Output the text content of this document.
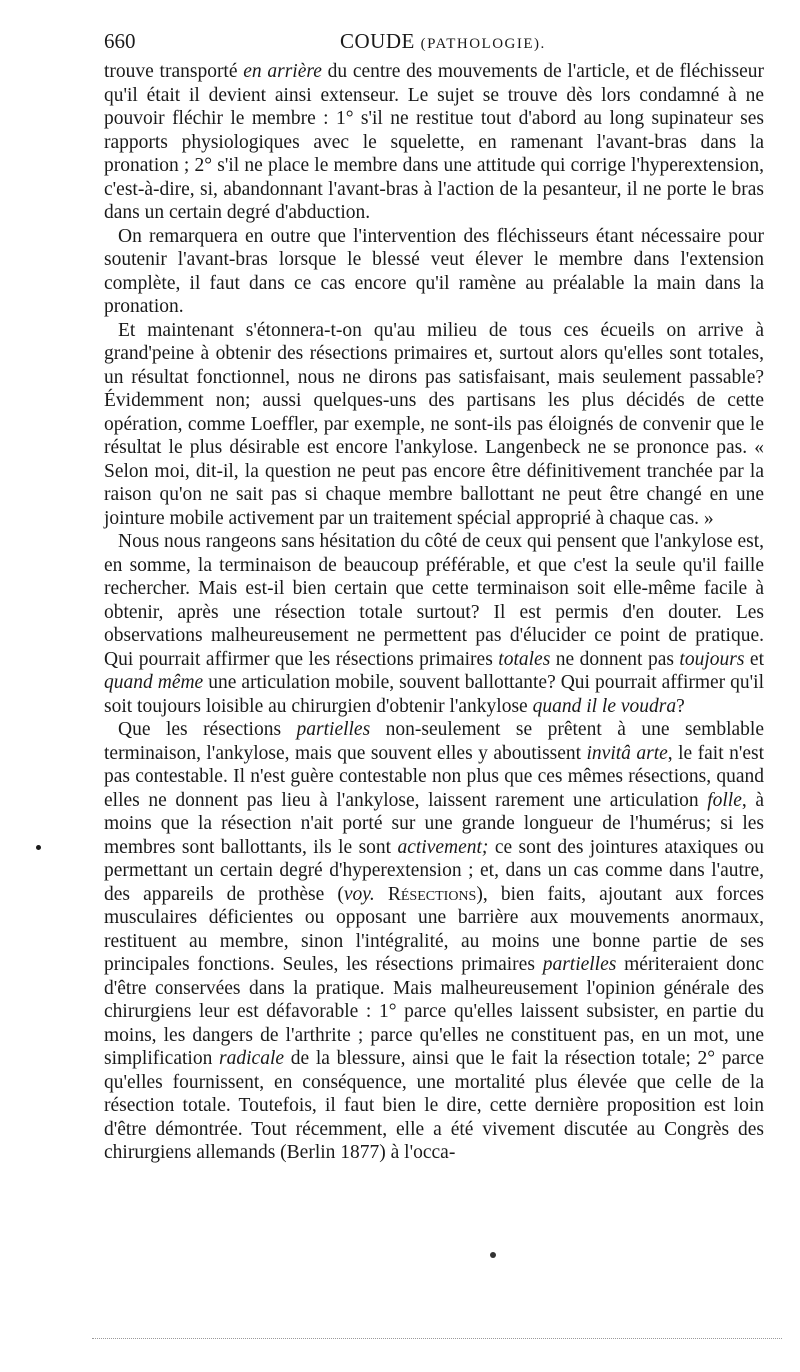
660	COUDE (PATHOLOGIE).

trouve transporté en arrière du centre des mouvements de l'article, et de fléchisseur qu'il était il devient ainsi extenseur. Le sujet se trouve dès lors condamné à ne pouvoir fléchir le membre : 1° s'il ne restitue tout d'abord au long supinateur ses rapports physiologiques avec le squelette, en ramenant l'avant-bras dans la pronation ; 2° s'il ne place le membre dans une attitude qui corrige l'hyperextension, c'est-à-dire, si, abandonnant l'avant-bras à l'action de la pesanteur, il ne porte le bras dans un certain degré d'abduction.

On remarquera en outre que l'intervention des fléchisseurs étant nécessaire pour soutenir l'avant-bras lorsque le blessé veut élever le membre dans l'extension complète, il faut dans ce cas encore qu'il ramène au préalable la main dans la pronation.

Et maintenant s'étonnera-t-on qu'au milieu de tous ces écueils on arrive à grand'peine à obtenir des résections primaires et, surtout alors qu'elles sont totales, un résultat fonctionnel, nous ne dirons pas satisfaisant, mais seulement passable? Évidemment non; aussi quelques-uns des partisans les plus décidés de cette opération, comme Loeffler, par exemple, ne sont-ils pas éloignés de convenir que le résultat le plus désirable est encore l'ankylose. Langenbeck ne se prononce pas. « Selon moi, dit-il, la question ne peut pas encore être définitivement tranchée par la raison qu'on ne sait pas si chaque membre ballottant ne peut être changé en une jointure mobile activement par un traitement spécial approprié à chaque cas. »

Nous nous rangeons sans hésitation du côté de ceux qui pensent que l'ankylose est, en somme, la terminaison de beaucoup préférable, et que c'est la seule qu'il faille rechercher. Mais est-il bien certain que cette terminaison soit elle-même facile à obtenir, après une résection totale surtout? Il est permis d'en douter. Les observations malheureusement ne permettent pas d'élucider ce point de pratique. Qui pourrait affirmer que les résections primaires totales ne donnent pas toujours et quand même une articulation mobile, souvent ballottante? Qui pourrait affirmer qu'il soit toujours loisible au chirurgien d'obtenir l'ankylose quand il le voudra?

Que les résections partielles non-seulement se prêtent à une semblable terminaison, l'ankylose, mais que souvent elles y aboutissent invitâ arte, le fait n'est pas contestable. Il n'est guère contestable non plus que ces mêmes résections, quand elles ne donnent pas lieu à l'ankylose, laissent rarement une articulation folle, à moins que la résection n'ait porté sur une grande longueur de l'humérus; si les membres sont ballottants, ils le sont activement; ce sont des jointures ataxiques ou permettant un certain degré d'hyperextension ; et, dans un cas comme dans l'autre, des appareils de prothèse (voy. Résections), bien faits, ajoutant aux forces musculaires déficientes ou opposant une barrière aux mouvements anormaux, restituent au membre, sinon l'intégralité, au moins une bonne partie de ses principales fonctions. Seules, les résections primaires partielles mériteraient donc d'être conservées dans la pratique. Mais malheureusement l'opinion générale des chirurgiens leur est défavorable : 1° parce qu'elles laissent subsister, en partie du moins, les dangers de l'arthrite ; parce qu'elles ne constituent pas, en un mot, une simplification radicale de la blessure, ainsi que le fait la résection totale; 2° parce qu'elles fournissent, en conséquence, une mortalité plus élevée que celle de la résection totale. Toutefois, il faut bien le dire, cette dernière proposition est loin d'être démontrée. Tout récemment, elle a été vivement discutée au Congrès des chirurgiens allemands (Berlin 1877) à l'occa-
